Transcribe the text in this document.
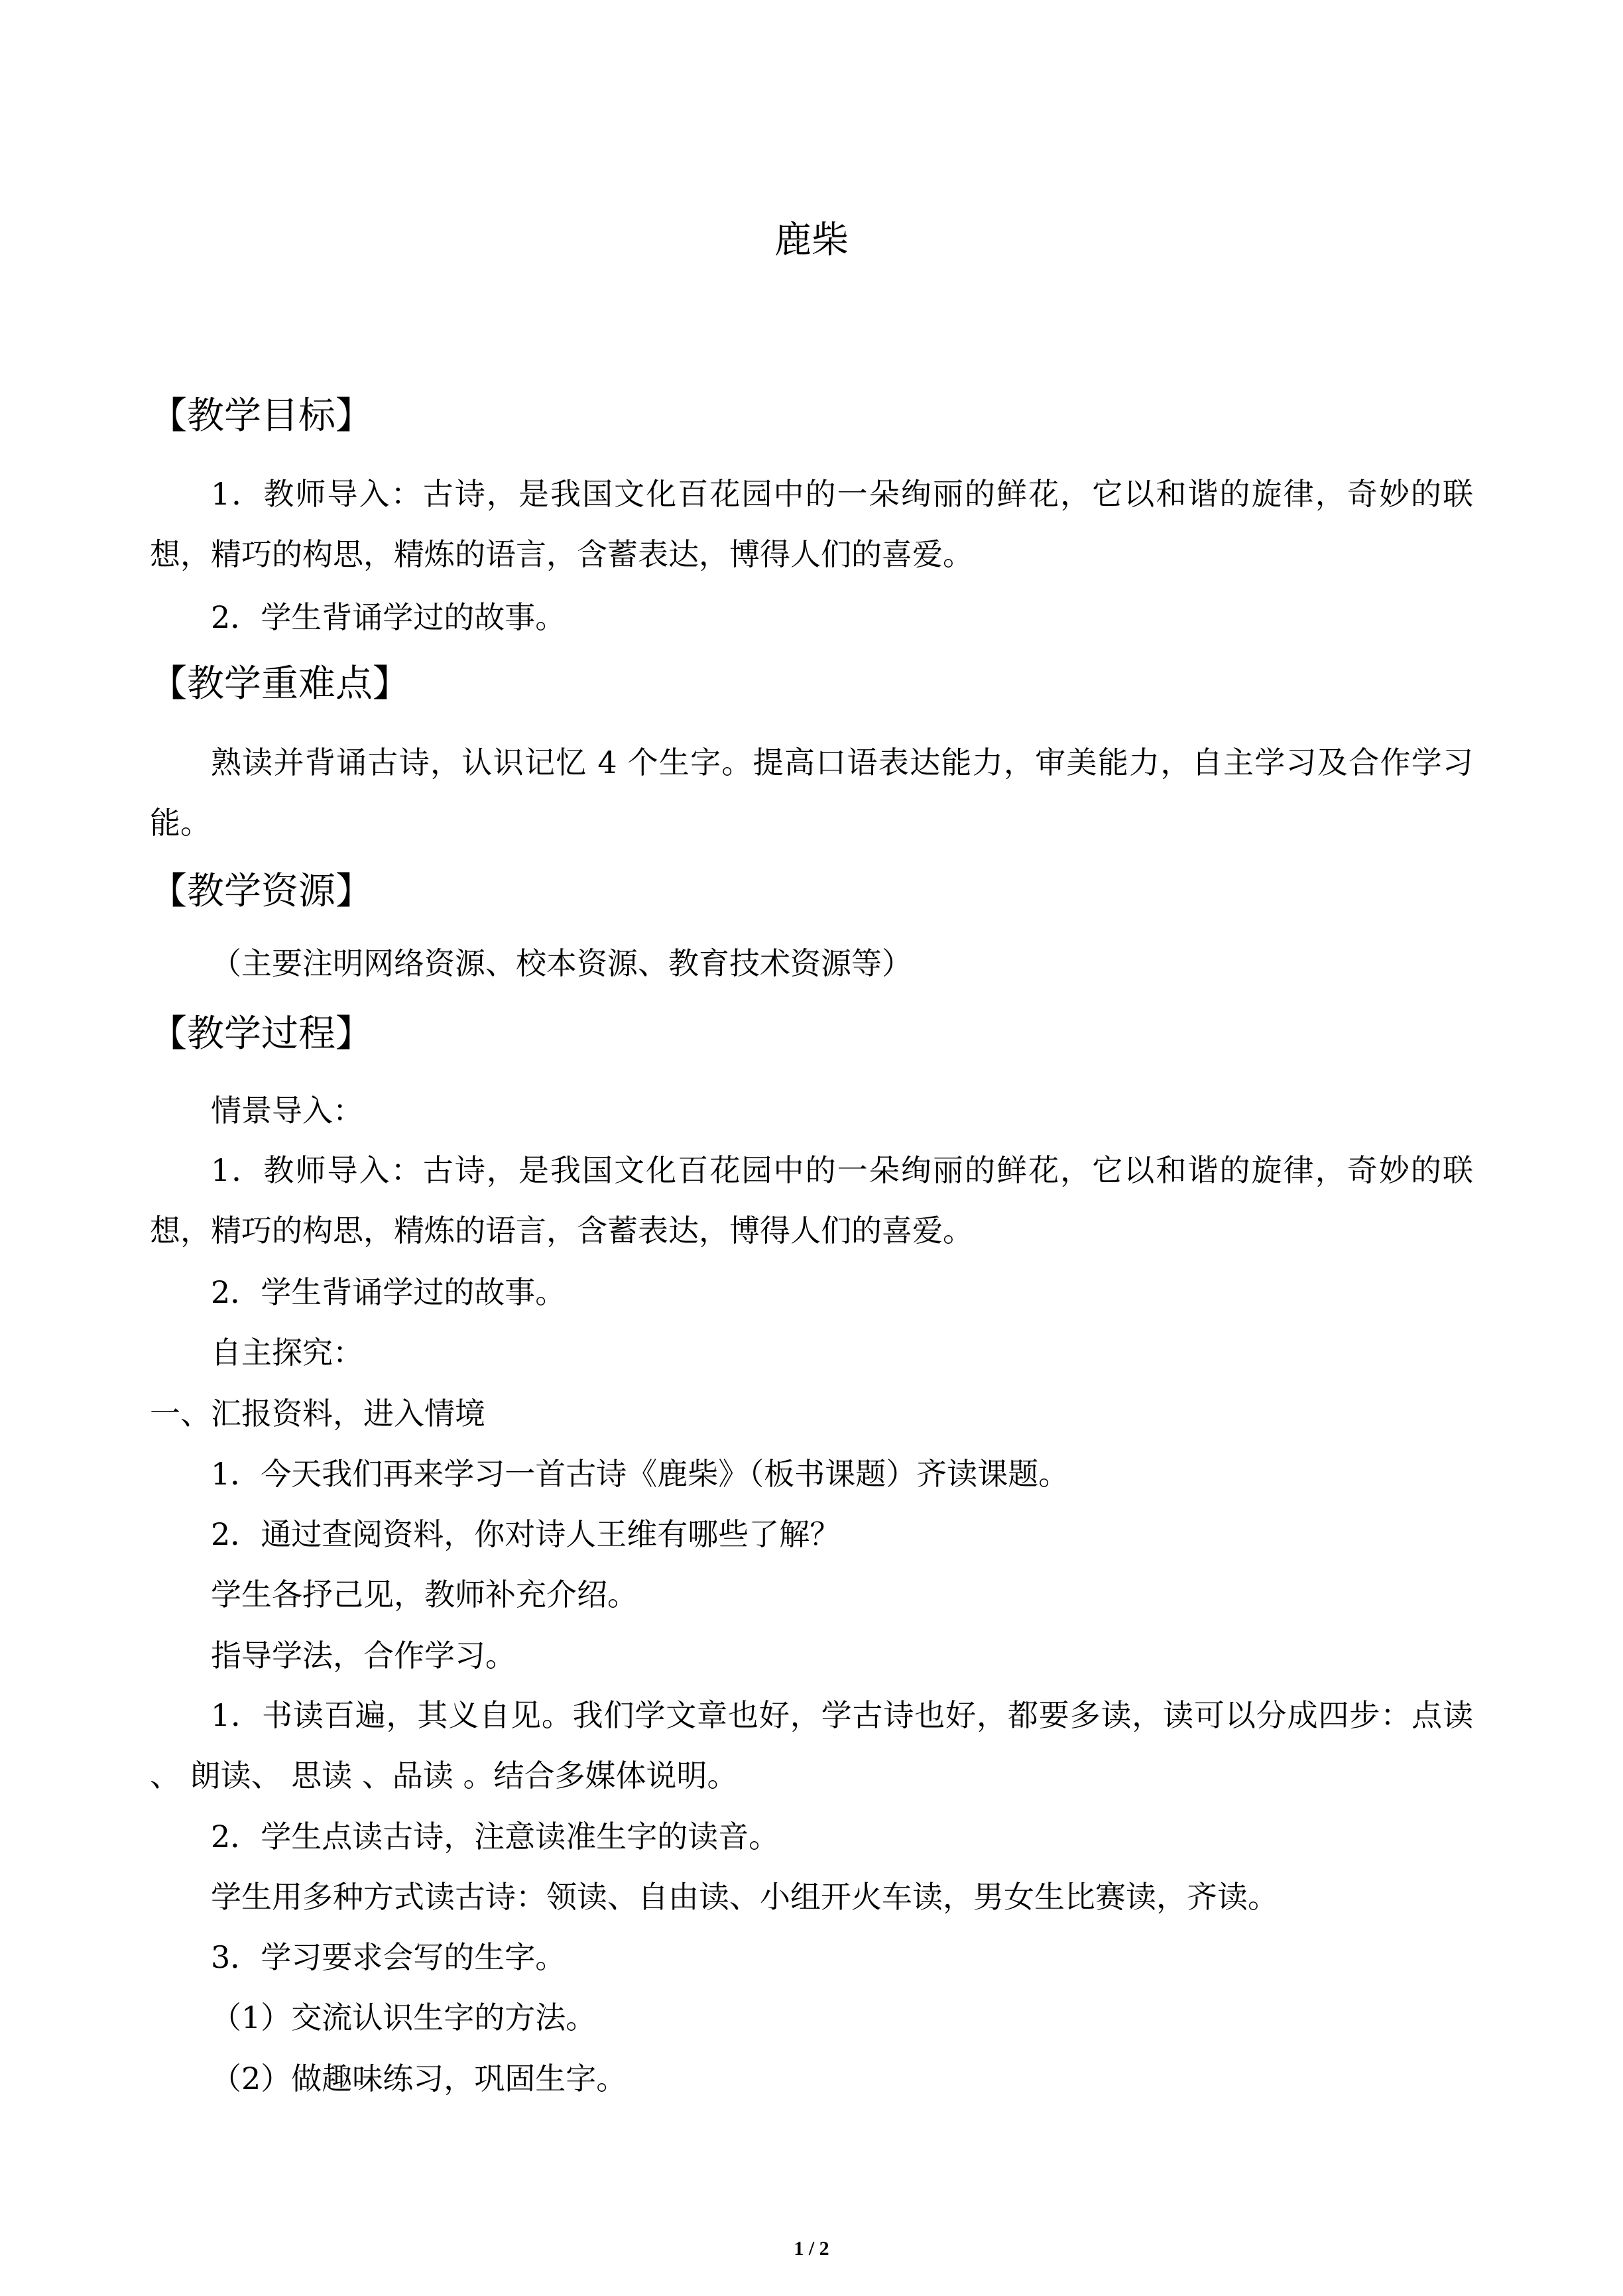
鹿柴
【教学目标】
1．教师导入：古诗，是我国文化百花园中的一朵绚丽的鲜花，它以和谐的旋律，奇妙的联想，精巧的构思，精炼的语言，含蓄表达，博得人们的喜爱。
2．学生背诵学过的故事。
【教学重难点】
熟读并背诵古诗，认识记忆 4 个生字。提高口语表达能力，审美能力，自主学习及合作学习能。
【教学资源】
（主要注明网络资源、校本资源、教育技术资源等）
【教学过程】
情景导入：
1．教师导入：古诗，是我国文化百花园中的一朵绚丽的鲜花，它以和谐的旋律，奇妙的联想，精巧的构思，精炼的语言，含蓄表达，博得人们的喜爱。
2．学生背诵学过的故事。
自主探究：
一、汇报资料，进入情境
1．今天我们再来学习一首古诗《鹿柴》（板书课题）齐读课题。
2．通过查阅资料，你对诗人王维有哪些了解？
学生各抒己见，教师补充介绍。
指导学法，合作学习。
1．书读百遍，其义自见。我们学文章也好，学古诗也好，都要多读，读可以分成四步：点读 、 朗读、 思读 、品读 。结合多媒体说明。
2．学生点读古诗，注意读准生字的读音。
学生用多种方式读古诗：领读、自由读、小组开火车读，男女生比赛读，齐读。
3．学习要求会写的生字。
（1）交流认识生字的方法。
（2）做趣味练习，巩固生字。
1 / 2
